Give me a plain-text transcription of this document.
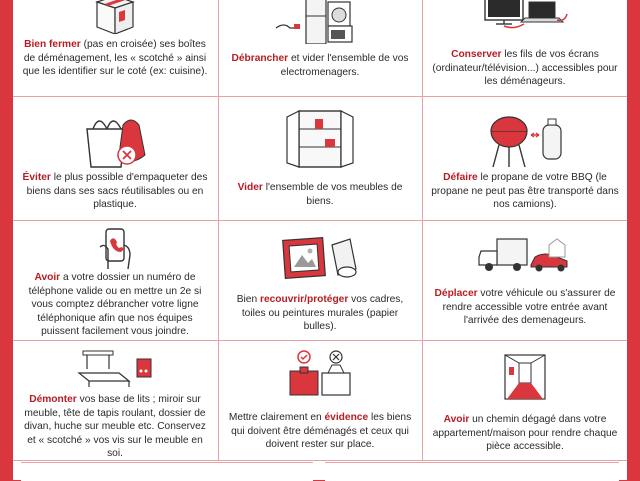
Bien fermer (pas en croisée) ses boîtes de déménagement, les « scotché » ainsi que les identifier sur le coté (ex: cuisine).
Débrancher et vider l'ensemble de vos electromenagers.
Conserver les fils de vos écrans (ordinateur/télévision...) accessibles pour les déménageurs.
Éviter le plus possible d'empaqueter des biens dans ses sacs réutilisables ou en plastique.
Vider l'ensemble de vos meubles de biens.
Défaire le propane de votre BBQ (le propane ne peut pas être transporté dans nos camions).
Avoir a votre dossier un numéro de téléphone valide ou en mettre un 2e si vous comptez débrancher votre ligne téléphonique afin que nos équipes puissent facilement vous joindre.
Bien recouvrir/protéger vos cadres, toiles ou peintures murales (papier bulles).
Déplacer votre véhicule ou s'assurer de rendre accessible votre entrée avant l'arrivée des demenageurs.
Démonter vos base de lits ; miroir sur meuble, tête de tapis roulant, dossier de divan, huche sur meuble etc. Conservez et « scotché » vos vis sur le meuble en soi.
Mettre clairement en évidence les biens qui doivent être déménagés et ceux qui doivent rester sur place.
Avoir un chemin dégagé dans votre appartement/maison pour rendre chaque pièce accessible.
